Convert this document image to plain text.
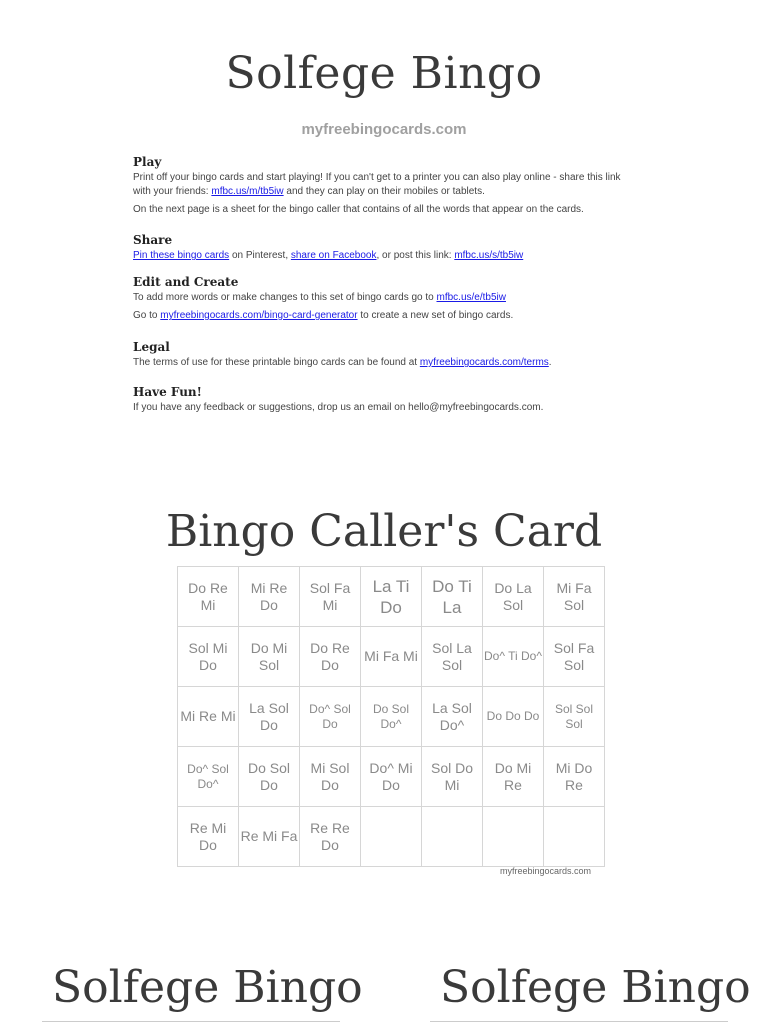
Solfege Bingo
myfreebingocards.com
Play

Print off your bingo cards and start playing! If you can't get to a printer you can also play online - share this link with your friends: mfbc.us/m/tb5iw and they can play on their mobiles or tablets.

On the next page is a sheet for the bingo caller that contains of all the words that appear on the cards.

Share

Pin these bingo cards on Pinterest, share on Facebook, or post this link: mfbc.us/s/tb5iw

Edit and Create

To add more words or make changes to this set of bingo cards go to mfbc.us/e/tb5iw

Go to myfreebingocards.com/bingo-card-generator to create a new set of bingo cards.

Legal

The terms of use for these printable bingo cards can be found at myfreebingocards.com/terms.

Have Fun!

If you have any feedback or suggestions, drop us an email on hello@myfreebingocards.com.

Bingo Caller's Card
Do Re Mi	Mi Re Do	Sol Fa Mi	La Ti Do	Do Ti La	Do La Sol	Mi Fa Sol
Sol Mi Do	Do Mi Sol	Do Re Do	Mi Fa Mi	Sol La Sol	Do^ Ti Do^	Sol Fa Sol
Mi Re Mi	La Sol Do	Do^ Sol Do	Do Sol Do^	La Sol Do^	Do Do Do	Sol Sol Sol
Do^ Sol Do^	Do Sol Do	Mi Sol Do	Do^ Mi Do	Sol Do Mi	Do Mi Re	Mi Do Re
Re Mi Do	Re Mi Fa	Re Re Do				
myfreebingocards.com
Solfege Bingo Solfege Bingo
